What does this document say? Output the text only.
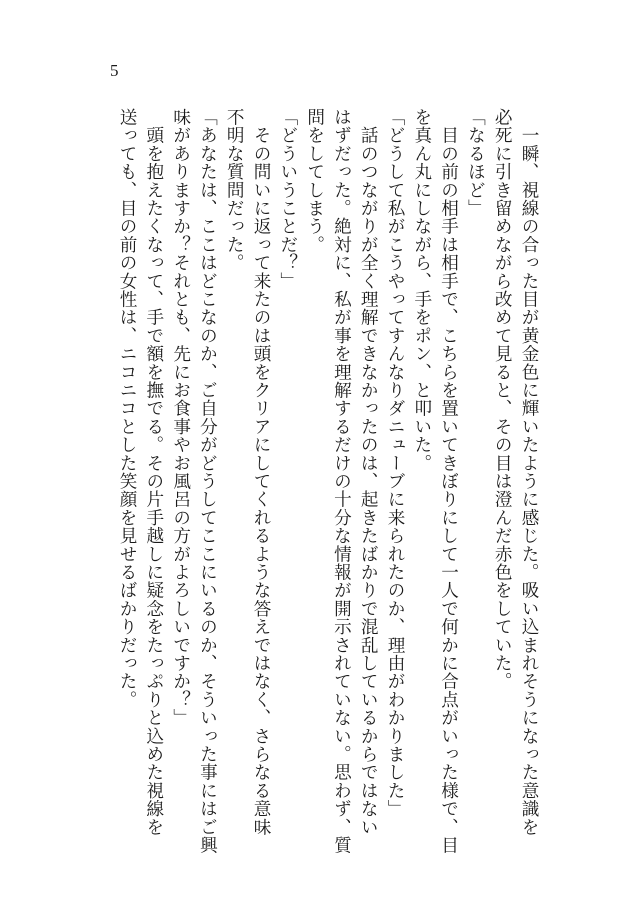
5
　一瞬、視線の合った目が黄金色に輝いたように感じた。吸い込まれそうになった意識を
必死に引き留めながら改めて見ると、その目は澄んだ赤色をしていた。
「なるほど」
　目の前の相手は相手で、こちらを置いてきぼりにして一人で何かに合点がいった様で、目
を真ん丸にしながら、手をポン、と叩いた。
「どうして私がこうやってすんなりダニューブに来られたのか、理由がわかりました」
　話のつながりが全く理解できなかったのは、起きたばかりで混乱しているからではない
はずだった。絶対に、私が事を理解するだけの十分な情報が開示されていない。思わず、質
問をしてしまう。
「どういうことだ？」
　その問いに返って来たのは頭をクリアにしてくれるような答えではなく、さらなる意味
不明な質問だった。
「あなたは、ここはどこなのか、ご自分がどうしてここにいるのか、そういった事にはご興
味がありますか？それとも、先にお食事やお風呂の方がよろしいですか？」
　頭を抱えたくなって、手で額を撫でる。その片手越しに疑念をたっぷりと込めた視線を
送っても、目の前の女性は、ニコニコとした笑顔を見せるばかりだった。
